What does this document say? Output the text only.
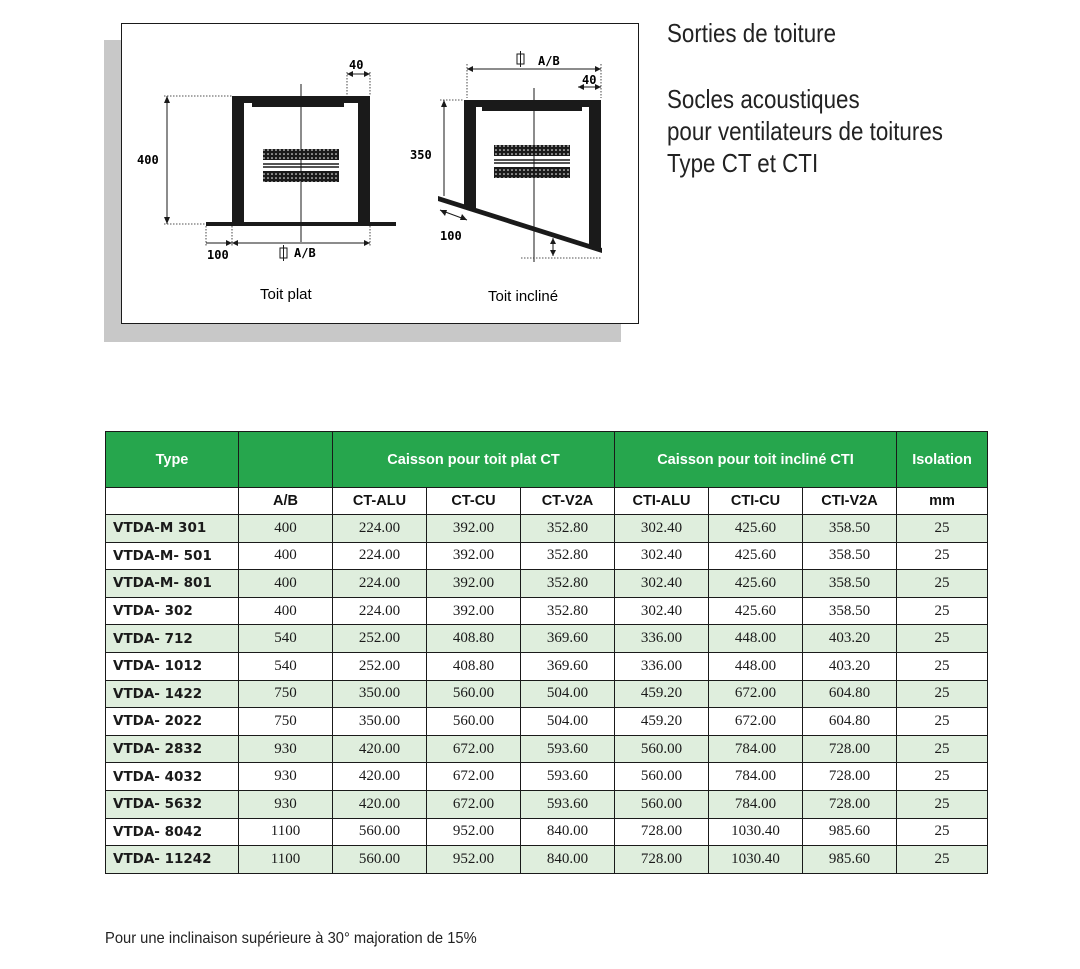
400
40
100	A/B
Toit plat
350
A/B
40
100
Toit incliné
Sorties de toiture
Socles acoustiques
pour ventilateurs de toitures
Type CT et CTI
Type		Caisson pour toit plat CT			Caisson pour toit incliné CTI			Isolation
	A/B	CT-ALU	CT-CU	CT-V2A	CTI-ALU	CTI-CU	CTI-V2A	mm
VTDA-M 301	400	224.00	392.00	352.80	302.40	425.60	358.50	25
VTDA-M- 501	400	224.00	392.00	352.80	302.40	425.60	358.50	25
VTDA-M- 801	400	224.00	392.00	352.80	302.40	425.60	358.50	25
VTDA- 302	400	224.00	392.00	352.80	302.40	425.60	358.50	25
VTDA- 712	540	252.00	408.80	369.60	336.00	448.00	403.20	25
VTDA- 1012	540	252.00	408.80	369.60	336.00	448.00	403.20	25
VTDA- 1422	750	350.00	560.00	504.00	459.20	672.00	604.80	25
VTDA- 2022	750	350.00	560.00	504.00	459.20	672.00	604.80	25
VTDA- 2832	930	420.00	672.00	593.60	560.00	784.00	728.00	25
VTDA- 4032	930	420.00	672.00	593.60	560.00	784.00	728.00	25
VTDA- 5632	930	420.00	672.00	593.60	560.00	784.00	728.00	25
VTDA- 8042	1100	560.00	952.00	840.00	728.00	1030.40	985.60	25
VTDA- 11242	1100	560.00	952.00	840.00	728.00	1030.40	985.60	25
Pour une inclinaison supérieure à 30° majoration de 15%
